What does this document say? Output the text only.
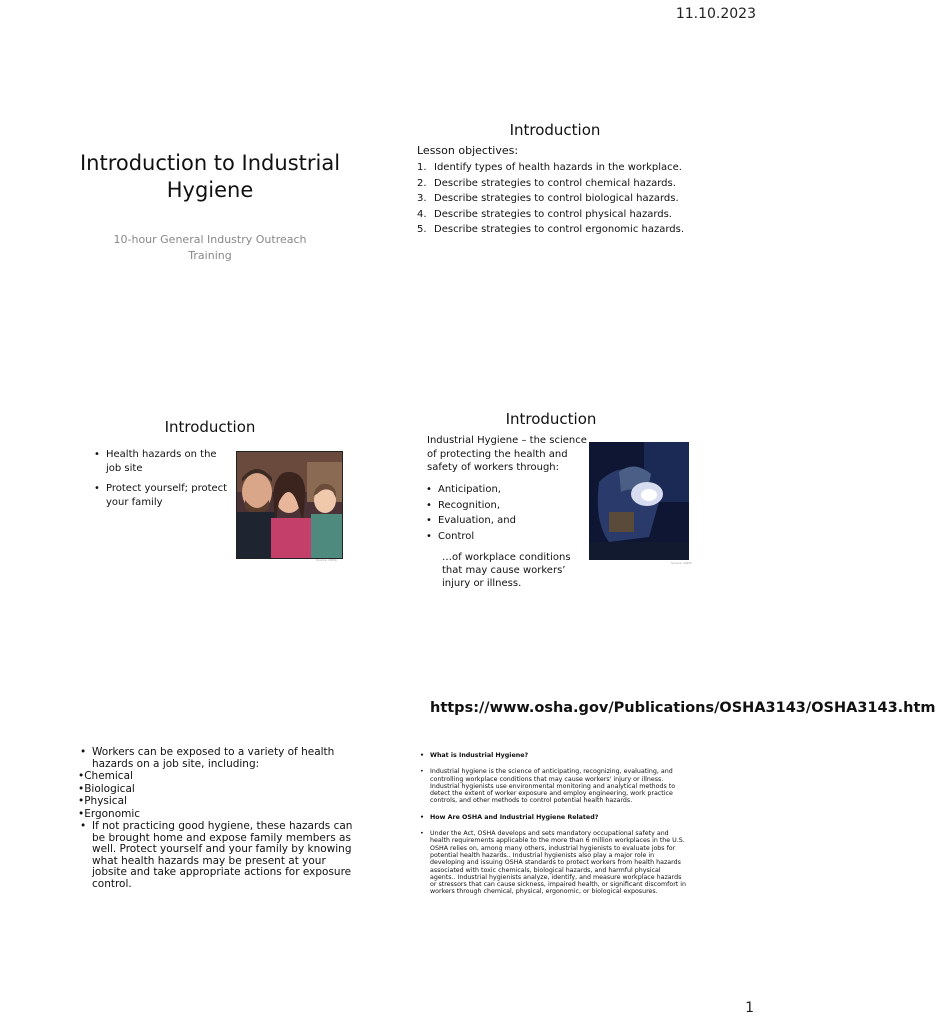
11.10.2023
Introduction to Industrial Hygiene
10-hour General Industry Outreach Training
Introduction
Lesson objectives:
1. Identify types of health hazards in the workplace.
2. Describe strategies to control chemical hazards.
3. Describe strategies to control biological hazards.
4. Describe strategies to control physical hazards.
5. Describe strategies to control ergonomic hazards.
Introduction
• Health hazards on the job site
• Protect yourself; protect your family
Source: OSHA
Introduction
Industrial Hygiene – the science of protecting the health and safety of workers through:
• Anticipation,
• Recognition,
• Evaluation, and
• Control
…of workplace conditions that may cause workers’ injury or illness.
Source: OSHA
• Workers can be exposed to a variety of health hazards on a job site, including:
• Chemical
• Biological
• Physical
• Ergonomic
• If not practicing good hygiene, these hazards can be brought home and expose family members as well. Protect yourself and your family by knowing what health hazards may be present at your jobsite and take appropriate actions for exposure control.
https://www.osha.gov/Publications/OSHA3143/OSHA3143.htm
• What is Industrial Hygiene?
• Industrial hygiene is the science of anticipating, recognizing, evaluating, and controlling workplace conditions that may cause workers' injury or illness. Industrial hygienists use environmental monitoring and analytical methods to detect the extent of worker exposure and employ engineering, work practice controls, and other methods to control potential health hazards.
• How Are OSHA and Industrial Hygiene Related?
• Under the Act, OSHA develops and sets mandatory occupational safety and health requirements applicable to the more than 6 million workplaces in the U.S. OSHA relies on, among many others, industrial hygienists to evaluate jobs for potential health hazards.. Industrial hygienists also play a major role in developing and issuing OSHA standards to protect workers from health hazards associated with toxic chemicals, biological hazards, and harmful physical agents.. Industrial hygienists analyze, identify, and measure workplace hazards or stressors that can cause sickness, impaired health, or significant discomfort in workers through chemical, physical, ergonomic, or biological exposures.
1
